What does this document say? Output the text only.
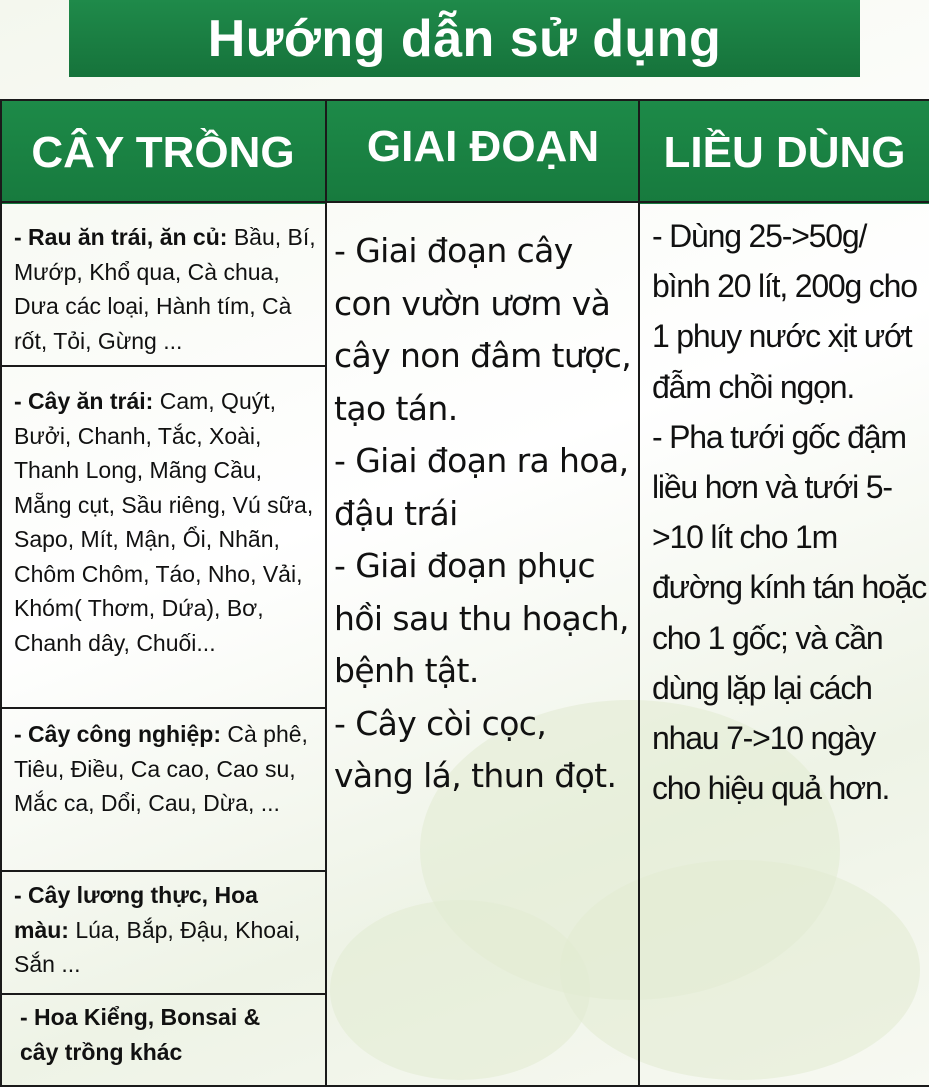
Hướng dẫn sử dụng
CÂY TRỒNG	GIAI ĐOẠN	LIỀU DÙNG
- Rau ăn trái, ăn củ: Bầu, Bí, Mướp, Khổ qua, Cà chua, Dưa các loại, Hành tím, Cà rốt, Tỏi, Gừng ...
- Cây ăn trái: Cam, Quýt, Bưởi, Chanh, Tắc, Xoài, Thanh Long, Mãng Cầu, Mẵng cụt, Sầu riêng, Vú sữa, Sapo, Mít, Mận, Ổi, Nhãn, Chôm Chôm, Táo, Nho, Vải, Khóm( Thơm, Dứa), Bơ, Chanh dây, Chuối...
- Cây công nghiệp: Cà phê, Tiêu, Điều, Ca cao, Cao su, Mắc ca, Dổi, Cau, Dừa, ...
- Cây lương thực, Hoa màu: Lúa, Bắp, Đậu, Khoai, Sắn ...
- Hoa Kiểng, Bonsai & cây trồng khác
- Giai đoạn cây con vườn ươm và cây non đâm tược, tạo tán.
- Giai đoạn ra hoa, đậu trái
- Giai đoạn phục hồi sau thu hoạch, bệnh tật.
- Cây còi cọc, vàng lá, thun đọt.
- Dùng 25->50g/ bình 20 lít, 200g cho 1 phuy nước xịt ướt đẫm chồi ngọn.
- Pha tưới gốc đậm liều hơn và tưới 5->10 lít cho 1m đường kính tán hoặc cho 1 gốc; và cần dùng lặp lại cách nhau 7->10 ngày cho hiệu quả hơn.
